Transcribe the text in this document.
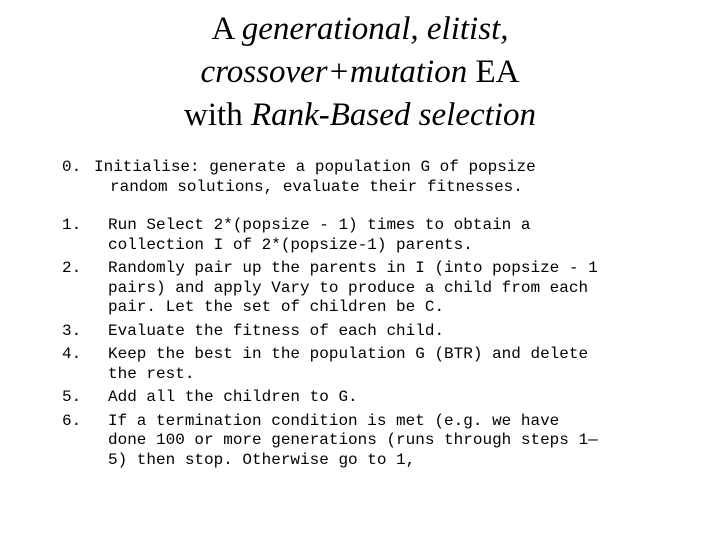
A generational, elitist,
crossover+mutation EA
with Rank-Based selection
0. Initialise: generate a population G of popsize
random solutions, evaluate their fitnesses.
1.	Run Select 2*(popsize - 1) times to obtain a
collection I of 2*(popsize-1) parents.
2.	Randomly pair up the parents in I (into popsize - 1
pairs) and apply Vary to produce a child from each
pair. Let the set of children be C.
3.	Evaluate the fitness of each child.
4.	Keep the best in the population G (BTR) and delete
the rest.
5.	Add all the children to G.
6.	If a termination condition is met (e.g. we have
done 100 or more generations (runs through steps 1—
5) then stop. Otherwise go to 1,
